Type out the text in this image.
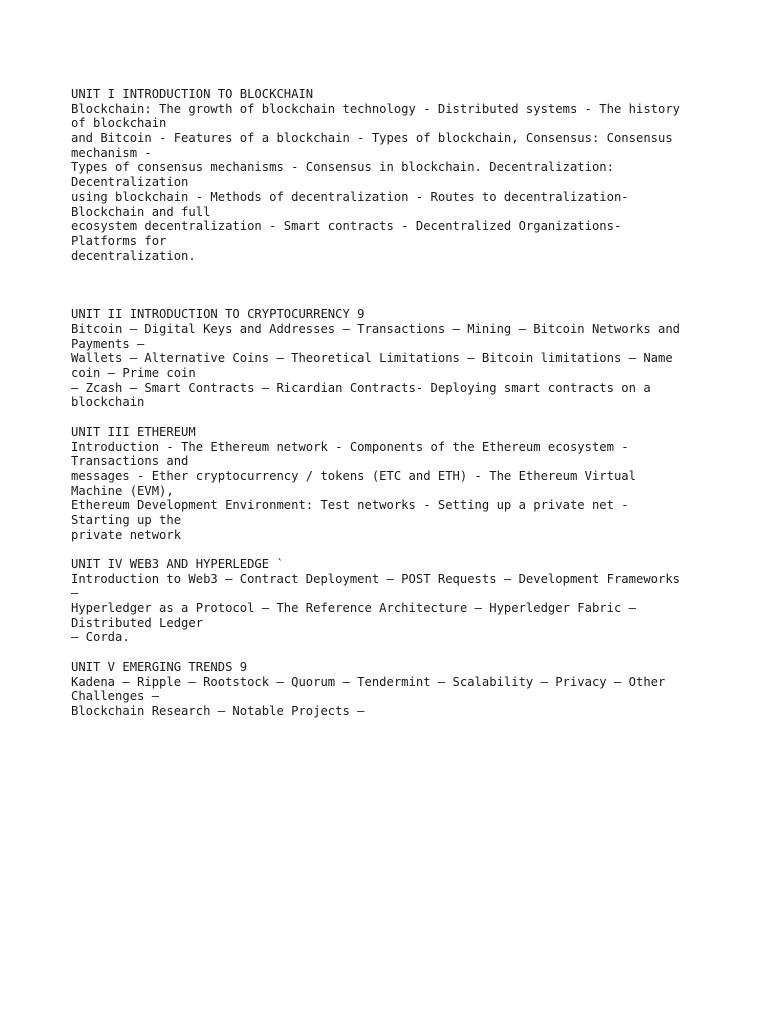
UNIT I INTRODUCTION TO BLOCKCHAIN
Blockchain: The growth of blockchain technology - Distributed systems - The history
of blockchain
and Bitcoin - Features of a blockchain - Types of blockchain, Consensus: Consensus
mechanism -
Types of consensus mechanisms - Consensus in blockchain. Decentralization:
Decentralization
using blockchain - Methods of decentralization - Routes to decentralization-
Blockchain and full
ecosystem decentralization - Smart contracts - Decentralized Organizations-
Platforms for
decentralization.
UNIT II INTRODUCTION TO CRYPTOCURRENCY 9
Bitcoin – Digital Keys and Addresses – Transactions – Mining – Bitcoin Networks and
Payments –
Wallets – Alternative Coins – Theoretical Limitations – Bitcoin limitations – Name
coin – Prime coin
– Zcash – Smart Contracts – Ricardian Contracts- Deploying smart contracts on a
blockchain
UNIT III ETHEREUM
Introduction - The Ethereum network - Components of the Ethereum ecosystem -
Transactions and
messages - Ether cryptocurrency / tokens (ETC and ETH) - The Ethereum Virtual
Machine (EVM),
Ethereum Development Environment: Test networks - Setting up a private net -
Starting up the
private network
UNIT IV WEB3 AND HYPERLEDGE `
Introduction to Web3 – Contract Deployment – POST Requests – Development Frameworks
–
Hyperledger as a Protocol – The Reference Architecture – Hyperledger Fabric –
Distributed Ledger
– Corda.
UNIT V EMERGING TRENDS 9
Kadena – Ripple – Rootstock – Quorum – Tendermint – Scalability – Privacy – Other
Challenges –
Blockchain Research – Notable Projects –
